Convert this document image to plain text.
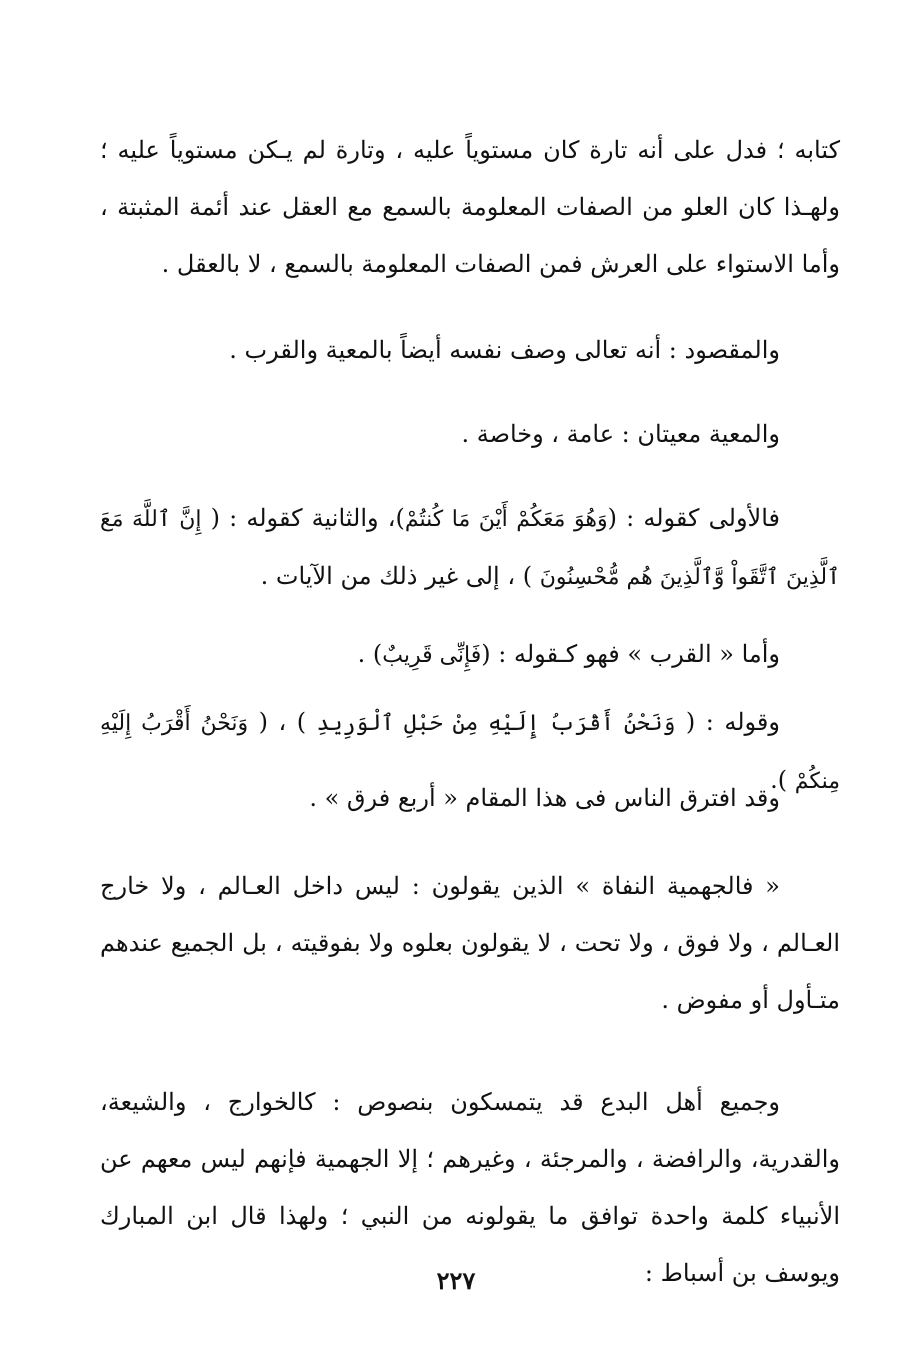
كتابه ؛ فدل على أنه تارة كان مستوياً عليه ، وتارة لم يـكن مستوياً عليه ؛ ولهـذا كان العلو من الصفات المعلومة بالسمع مع العقل عند أئمة المثبتة ، وأما الاستواء على العرش فمن الصفات المعلومة بالسمع ، لا بالعقل .

والمقصود : أنه تعالى وصف نفسه أيضاً بالمعية والقرب .

والمعية معيتان : عامة ، وخاصة .

فالأولى كقوله : (وَهُوَ مَعَكُمْ أَيْنَ مَا كُنتُمْ)، والثانية كقوله : ( إِنَّ ٱللَّهَ مَعَ ٱلَّذِينَ ٱتَّقَواْ وَّٱلَّذِينَ هُم مُّحْسِنُونَ ) ، إلى غير ذلك من الآيات .

وأما « القرب » فهو كـقوله : (فَإِنِّى قَرِيبٌ) .

وقوله : ( وَنَحْنُ أَقْرَبُ إِلَيْهِ مِنْ حَبْلِ ٱلْوَرِيدِ ) ، ( وَنَحْنُ أَقْرَبُ إِلَيْهِ مِنكُمْ ).

وقد افترق الناس فى هذا المقام « أربع فرق » .

« فالجهمية النفاة » الذين يقولون : ليس داخل العـالم ، ولا خارج العـالم ، ولا فوق ، ولا تحت ، لا يقولون بعلوه ولا بفوقيته ، بل الجميع عندهم متـأول أو مفوض .

وجميع أهل البدع قد يتمسكون بنصوص : كالخوارج ، والشيعة، والقدرية، والرافضة ، والمرجئة ، وغيرهم ؛ إلا الجهمية فإنهم ليس معهم عن الأنبياء كلمة واحدة توافق ما يقولونه من النبي ؛ ولهذا قال ابن المبارك ويوسف بن أسباط :

٢٢٧
